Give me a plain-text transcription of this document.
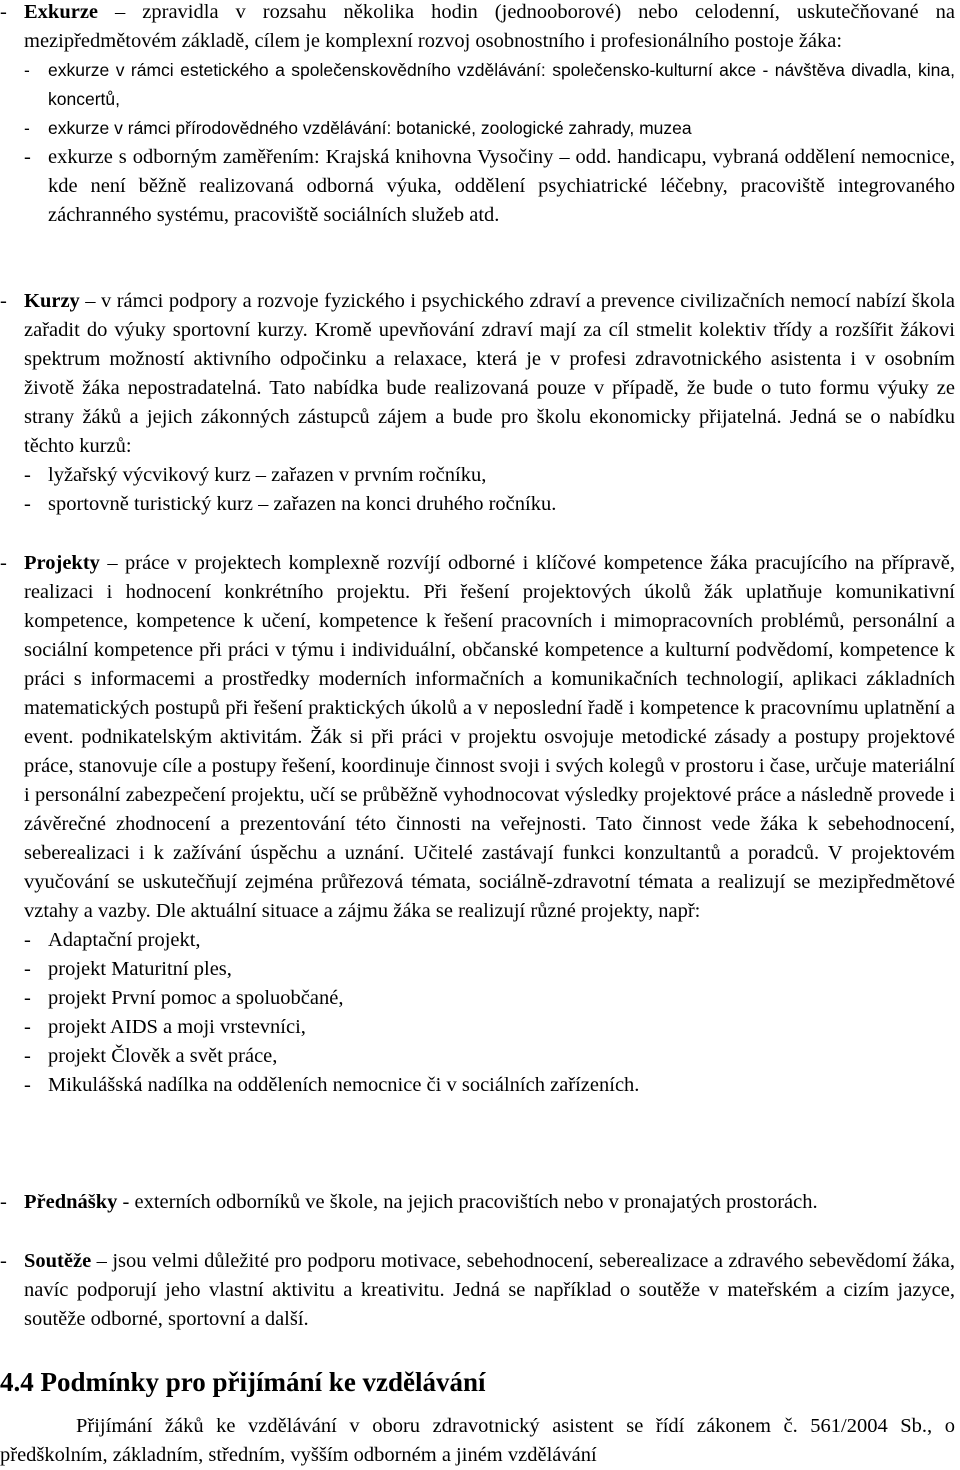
- Exkurze – zpravidla v rozsahu několika hodin (jednooborové) nebo celodenní, uskutečňované na mezipředmětovém základě, cílem je komplexní rozvoj osobnostního i profesionálního postoje žáka:
-	exkurze v rámci estetického a společenskovědního vzdělávání: společensko-kulturní akce - návštěva divadla, kina, koncertů,
-	exkurze v rámci přírodovědného vzdělávání: botanické, zoologické zahrady, muzea
- exkurze s odborným zaměřením: Krajská knihovna Vysočiny – odd. handicapu, vybraná oddělení nemocnice, kde není běžně realizovaná odborná výuka, oddělení psychiatrické léčebny, pracoviště integrovaného záchranného systému, pracoviště sociálních služeb atd.
- Kurzy – v rámci podpory a rozvoje fyzického i psychického zdraví a prevence civilizačních nemocí nabízí škola zařadit do výuky sportovní kurzy. Kromě upevňování zdraví mají za cíl stmelit kolektiv třídy a rozšířit žákovi spektrum možností aktivního odpočinku a relaxace, která je v profesi zdravotnického asistenta i v osobním životě žáka nepostradatelná. Tato nabídka bude realizovaná pouze v případě, že bude o tuto formu výuky ze strany žáků a jejich zákonných zástupců zájem a bude pro školu ekonomicky přijatelná. Jedná se o nabídku těchto kurzů:
- lyžařský výcvikový kurz – zařazen v prvním ročníku,
- sportovně turistický kurz – zařazen na konci druhého ročníku.
- Projekty – práce v projektech komplexně rozvíjí odborné i klíčové kompetence žáka pracujícího na přípravě, realizaci i hodnocení konkrétního projektu. Při řešení projektových úkolů žák uplatňuje komunikativní kompetence, kompetence k učení, kompetence k řešení pracovních i mimopracovních problémů, personální a sociální kompetence při práci v týmu i individuální, občanské kompetence a kulturní podvědomí, kompetence k práci s informacemi a prostředky moderních informačních a komunikačních technologií, aplikaci základních matematických postupů při řešení praktických úkolů a v neposlední řadě i kompetence k pracovnímu uplatnění a event. podnikatelským aktivitám. Žák si při práci v projektu osvojuje metodické zásady a postupy projektové práce, stanovuje cíle a postupy řešení, koordinuje činnost svoji i svých kolegů v prostoru i čase, určuje materiální i personální zabezpečení projektu, učí se průběžně vyhodnocovat výsledky projektové práce a následně provede i závěrečné zhodnocení a prezentování této činnosti na veřejnosti. Tato činnost vede žáka k sebehodnocení, seberealizaci i k zažívání úspěchu a uznání. Učitelé zastávají funkci konzultantů a poradců. V projektovém vyučování se uskutečňují zejména průřezová témata, sociálně-zdravotní témata a realizují se mezipředmětové vztahy a vazby. Dle aktuální situace a zájmu žáka se realizují různé projekty, např:
- Adaptační projekt,
- projekt Maturitní ples,
- projekt První pomoc a spoluobčané,
- projekt AIDS a moji vrstevníci,
- projekt Člověk a svět práce,
- Mikulášská nadílka na odděleních nemocnice či v sociálních zařízeních.
- Přednášky - externích odborníků ve škole, na jejich pracovištích nebo v pronajatých prostorách.
- Soutěže – jsou velmi důležité pro podporu motivace, sebehodnocení, seberealizace a zdravého sebevědomí žáka, navíc podporují jeho vlastní aktivitu a kreativitu. Jedná se například o soutěže v mateřském a cizím jazyce, soutěže odborné, sportovní a další.
4.4 Podmínky pro přijímání ke vzdělávání
Přijímání žáků ke vzdělávání v oboru zdravotnický asistent se řídí zákonem č. 561/2004 Sb., o předškolním, základním, středním, vyšším odborném a jiném vzdělávání
